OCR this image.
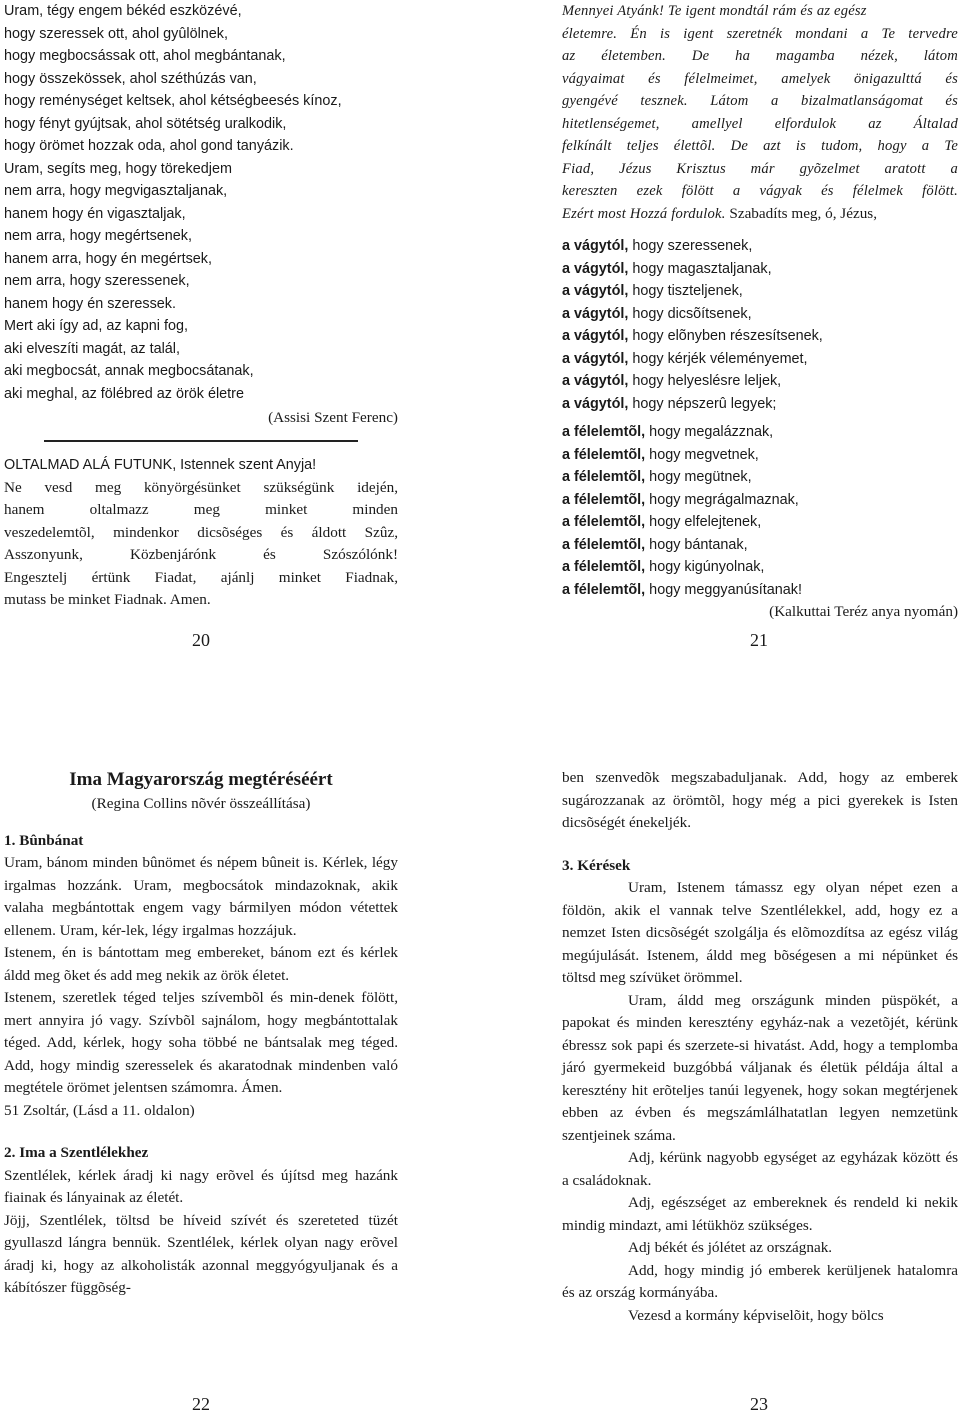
Uram, tégy engem békéd eszközévé,
hogy szeressek ott, ahol gyûlölnek,
hogy megbocsássak ott, ahol megbántanak,
hogy összekössek, ahol széthúzás van,
hogy reménységet keltsek, ahol kétségbeesés kínoz,
hogy fényt gyújtsak, ahol sötétség uralkodik,
hogy örömet hozzak oda, ahol gond tanyázik.
Uram, segíts meg, hogy törekedjem
nem arra, hogy megvigasztaljanak,
hanem hogy én vigasztaljak,
nem arra, hogy megértsenek,
hanem arra, hogy én megértsek,
nem arra, hogy szeressenek,
hanem hogy én szeressek.
Mert aki így ad, az kapni fog,
aki elveszíti magát, az talál,
aki megbocsát, annak megbocsátanak,
aki meghal, az fölébred az örök életre
(Assisi Szent Ferenc)
OLTALMAD ALÁ FUTUNK, Istennek szent Anyja!
Ne vesd meg könyörgésünket szükségünk idején,
hanem oltalmazz meg minket minden
veszedelemtõl, mindenkor dicsõséges és áldott Szûz,
Asszonyunk, Közbenjárónk és Szószólónk!
Engesztelj értünk Fiadat, ajánlj minket Fiadnak,
mutass be minket Fiadnak. Amen.
20
Mennyei Atyánk! Te igent mondtál rám és az egész
életemre. Én is igent szeretnék mondani a Te tervedre
az életemben. De ha magamba nézek, látom
vágyaimat és félelmeimet, amelyek önigazulttá és
gyengévé tesznek. Látom a bizalmatlanságomat és
hitetlenségemet, amellyel elfordulok az Általad
felkínált teljes élettõl. De azt is tudom, hogy a Te
Fiad, Jézus Krisztus már gyõzelmet aratott a
kereszten ezek fölött a vágyak és félelmek fölött.
Ezért most Hozzá fordulok. Szabadíts meg, ó, Jézus,
a vágytól, hogy szeressenek,
a vágytól, hogy magasztaljanak,
a vágytól, hogy tiszteljenek,
a vágytól, hogy dicsõítsenek,
a vágytól, hogy elõnyben részesítsenek,
a vágytól, hogy kérjék véleményemet,
a vágytól, hogy helyeslésre leljek,
a vágytól, hogy népszerû legyek;
a félelemtõl, hogy megalázznak,
a félelemtõl, hogy megvetnek,
a félelemtõl, hogy megütnek,
a félelemtõl, hogy megrágalmaznak,
a félelemtõl, hogy elfelejtenek,
a félelemtõl, hogy bántanak,
a félelemtõl, hogy kigúnyolnak,
a félelemtõl, hogy meggyanúsítanak!
(Kalkuttai Teréz anya nyomán)
21
Ima Magyarország megtéréséért
(Regina Collins nõvér összeállítása)
1. Bûnbánat

Uram, bánom minden bûnömet és népem bûneit is. Kérlek, légy irgalmas hozzánk. Uram, megbocsátok mindazoknak, akik valaha megbántottak engem vagy bármilyen módon vétettek ellenem. Uram, kér-lek, légy irgalmas hozzájuk.

Istenem, én is bántottam meg embereket, bánom ezt és kérlek áldd meg õket és add meg nekik az örök életet.

Istenem, szeretlek téged teljes szívembõl és min-denek fölött, mert annyira jó vagy. Szívbõl sajnálom, hogy megbántottalak téged. Add, kérlek, hogy soha többé ne bántsalak meg téged. Add, hogy mindig szeresselek és akaratodnak mindenben való megtétele örömet jelentsen számomra. Ámen.

51 Zsoltár, (Lásd a 11. oldalon)

2. Ima a Szentlélekhez

Szentlélek, kérlek áradj ki nagy erõvel és újítsd meg hazánk fiainak és lányainak az életét.

Jöjj, Szentlélek, töltsd be híveid szívét és szereteted tüzét gyullaszd lángra bennük. Szentlélek, kérlek olyan nagy erõvel áradj ki, hogy az alkoholisták azonnal meggyógyuljanak és a kábítószer függõség-

22

ben szenvedõk megszabaduljanak. Add, hogy az emberek sugározzanak az örömtõl, hogy még a pici gyerekek is Isten dicsõségét énekeljék.

3. Kérések

Uram, Istenem támassz egy olyan népet ezen a földön, akik el vannak telve Szentlélekkel, add, hogy ez a nemzet Isten dicsõségét szolgálja és elõmozdítsa az egész világ megújulását. Istenem, áldd meg bõségesen a mi népünket és töltsd meg szívüket örömmel.

Uram, áldd meg országunk minden püspökét, a papokat és minden keresztény egyház-nak a vezetõjét, kérünk ébressz sok papi és szerzete-si hivatást. Add, hogy a templomba járó gyermekeid buzgóbbá váljanak és életük példája által a keresztény hit erõteljes tanúi legyenek, hogy sokan megtérjenek ebben az évben és megszámlálhatatlan legyen nemzetünk szentjeinek száma.

Adj, kérünk nagyobb egységet az egyházak között és a családoknak.

Adj, egészséget az embereknek és rendeld ki nekik mindig mindazt, ami létükhöz szükséges.

Adj békét és jólétet az országnak.

Add, hogy mindig jó emberek kerüljenek hatalomra és az ország kormányába.

Vezesd a kormány képviselõit, hogy bölcs

23
